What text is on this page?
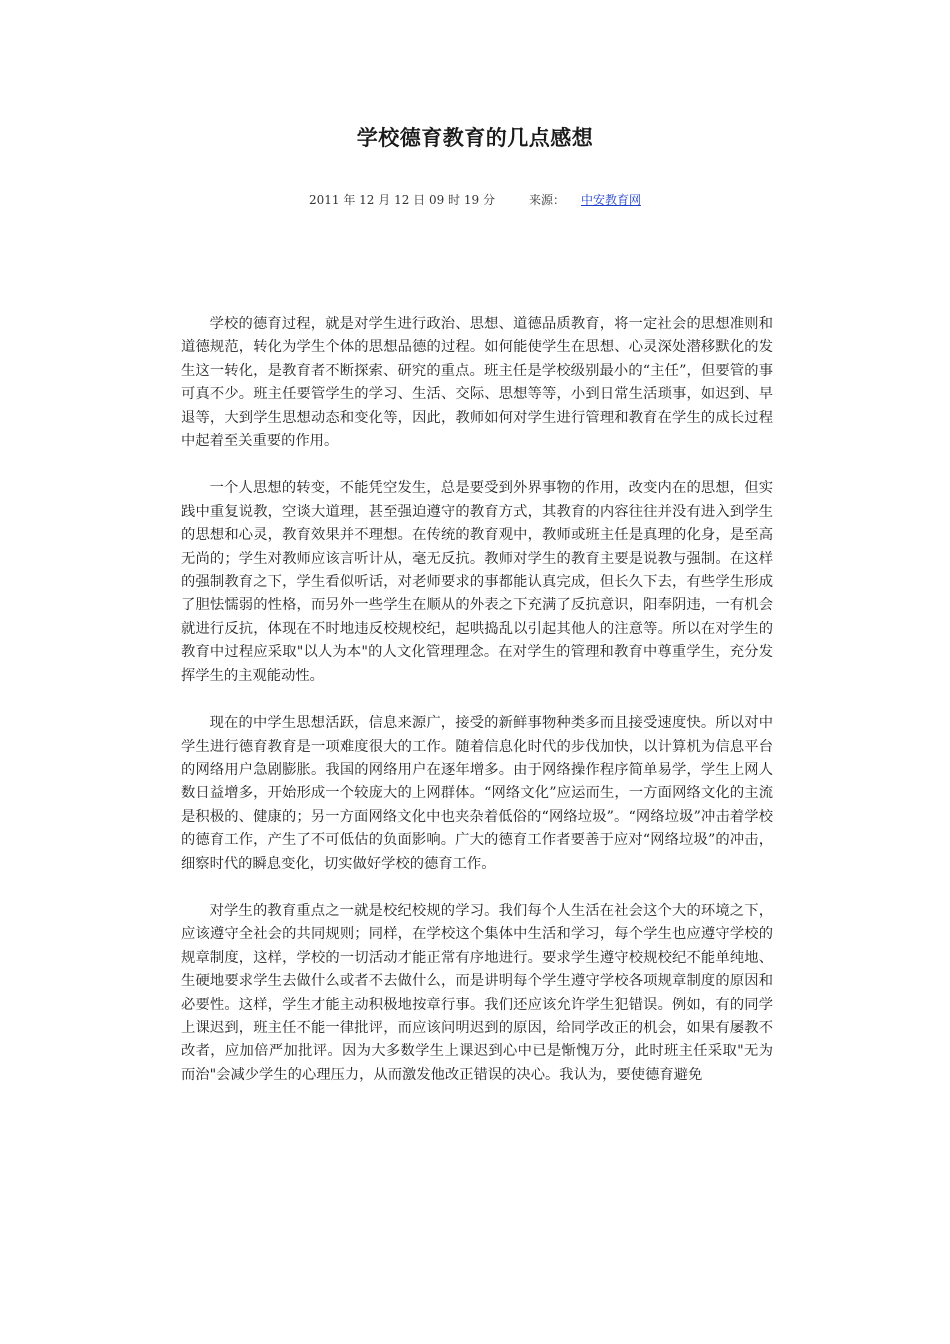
学校德育教育的几点感想
2011 年 12 月 12 日 09 时 19 分	来源： 中安教育网

学校的德育过程，就是对学生进行政治、思想、道德品质教育，将一定社会的思想准则和道德规范，转化为学生个体的思想品德的过程。如何能使学生在思想、心灵深处潜移默化的发生这一转化，是教育者不断探索、研究的重点。班主任是学校级别最小的“主任”，但要管的事可真不少。班主任要管学生的学习、生活、交际、思想等等，小到日常生活琐事，如迟到、早退等，大到学生思想动态和变化等，因此，教师如何对学生进行管理和教育在学生的成长过程中起着至关重要的作用。

一个人思想的转变，不能凭空发生，总是要受到外界事物的作用，改变内在的思想，但实践中重复说教，空谈大道理，甚至强迫遵守的教育方式，其教育的内容往往并没有进入到学生的思想和心灵，教育效果并不理想。在传统的教育观中，教师或班主任是真理的化身，是至高无尚的；学生对教师应该言听计从，毫无反抗。教师对学生的教育主要是说教与强制。在这样的强制教育之下，学生看似听话，对老师要求的事都能认真完成，但长久下去，有些学生形成了胆怯懦弱的性格，而另外一些学生在顺从的外表之下充满了反抗意识，阳奉阴违，一有机会就进行反抗，体现在不时地违反校规校纪，起哄捣乱以引起其他人的注意等。所以在对学生的教育中过程应采取"以人为本"的人文化管理理念。在对学生的管理和教育中尊重学生，充分发挥学生的主观能动性。

现在的中学生思想活跃，信息来源广，接受的新鲜事物种类多而且接受速度快。所以对中学生进行德育教育是一项难度很大的工作。随着信息化时代的步伐加快，以计算机为信息平台的网络用户急剧膨胀。我国的网络用户在逐年增多。由于网络操作程序简单易学，学生上网人数日益增多，开始形成一个较庞大的上网群体。“网络文化”应运而生，一方面网络文化的主流是积极的、健康的；另一方面网络文化中也夹杂着低俗的“网络垃圾”。“网络垃圾”冲击着学校的德育工作，产生了不可低估的负面影响。广大的德育工作者要善于应对“网络垃圾”的冲击，细察时代的瞬息变化，切实做好学校的德育工作。

对学生的教育重点之一就是校纪校规的学习。我们每个人生活在社会这个大的环境之下，应该遵守全社会的共同规则；同样，在学校这个集体中生活和学习，每个学生也应遵守学校的规章制度，这样，学校的一切活动才能正常有序地进行。要求学生遵守校规校纪不能单纯地、生硬地要求学生去做什么或者不去做什么，而是讲明每个学生遵守学校各项规章制度的原因和必要性。这样，学生才能主动积极地按章行事。我们还应该允许学生犯错误。例如，有的同学上课迟到，班主任不能一律批评，而应该问明迟到的原因，给同学改正的机会，如果有屡教不改者，应加倍严加批评。因为大多数学生上课迟到心中已是惭愧万分，此时班主任采取"无为而治"会减少学生的心理压力，从而激发他改正错误的决心。我认为，要使德育避免
